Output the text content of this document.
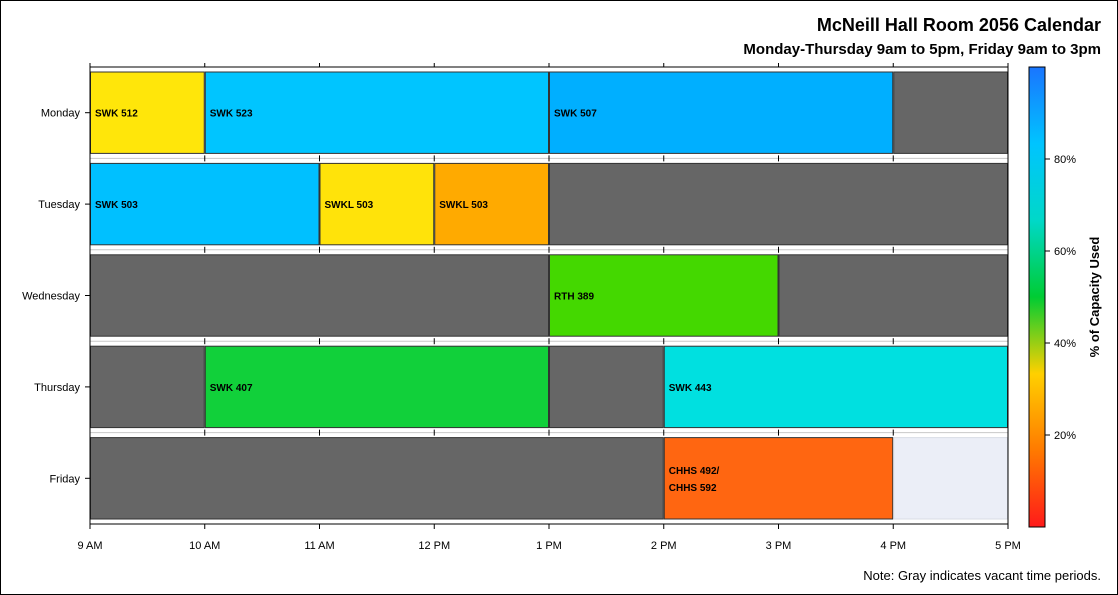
McNeill Hall Room 2056 Calendar
Monday-Thursday 9am to 5pm, Friday 9am to 3pm
Note: Gray indicates vacant time periods.
SWK 512	SWK 523	SWK 507
SWK 503	SWKL 503	SWKL 503
RTH 389
SWK 407	SWK 443
CHHS 492/
CHHS 592
9 AM	10 AM	11 AM	12 PM	1 PM	2 PM	3 PM	4 PM	5 PM
Monday
Tuesday
Wednesday
Thursday
Friday
20%
40%
60%
80%
% of Capacity Used
